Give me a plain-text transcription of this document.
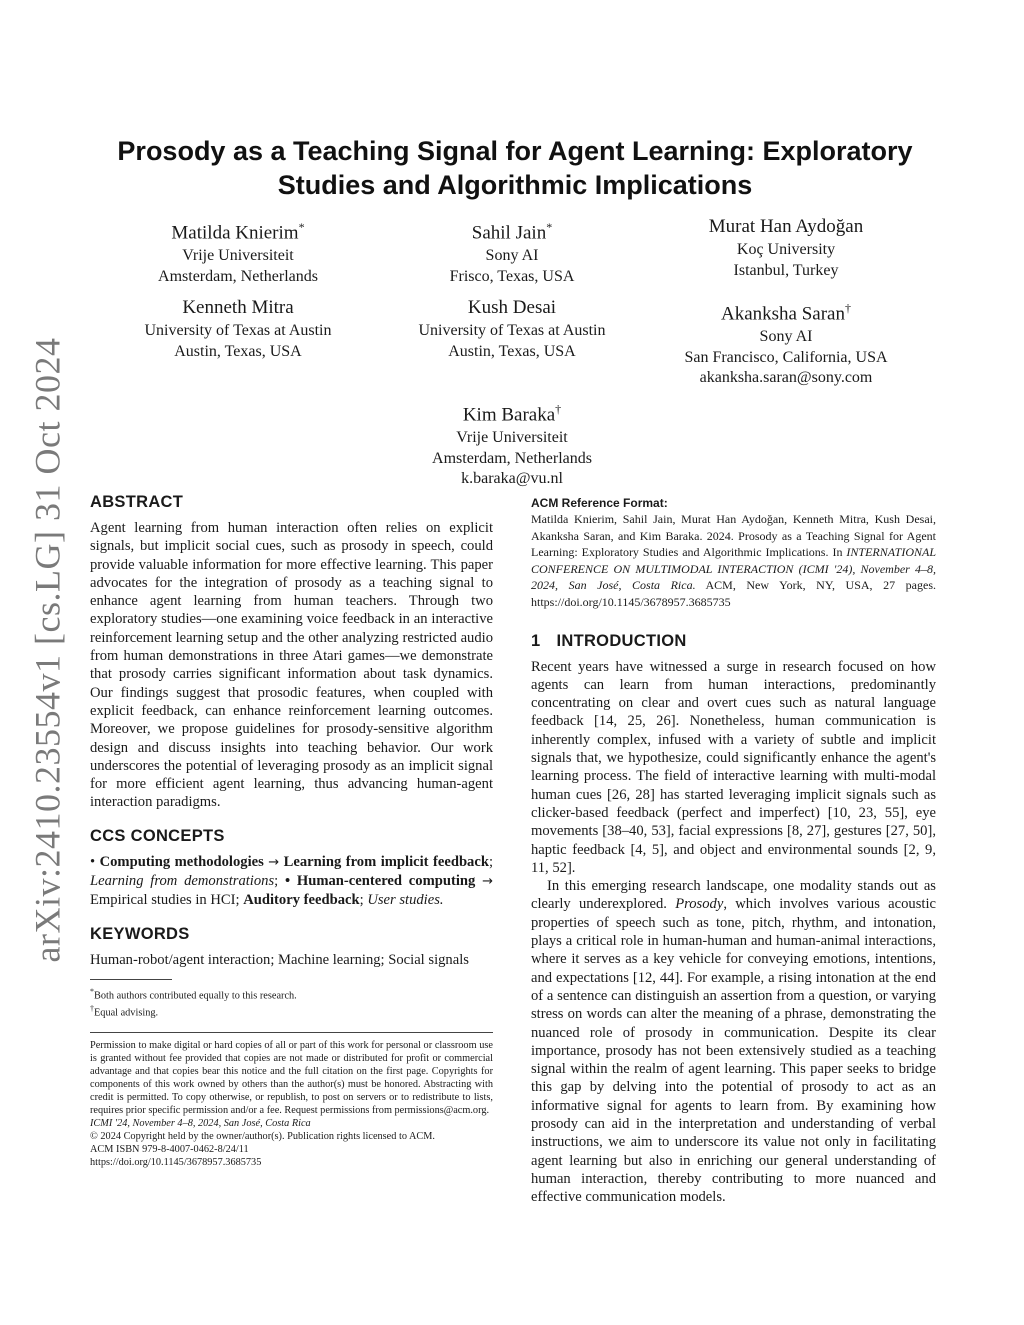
arXiv:2410.23554v1 [cs.LG] 31 Oct 2024
Prosody as a Teaching Signal for Agent Learning: Exploratory Studies and Algorithmic Implications
Matilda Knierim*
Vrije Universiteit
Amsterdam, Netherlands
Sahil Jain*
Sony AI
Frisco, Texas, USA
Murat Han Aydoğan
Koç University
Istanbul, Turkey
Kenneth Mitra
University of Texas at Austin
Austin, Texas, USA
Kush Desai
University of Texas at Austin
Austin, Texas, USA
Akanksha Saran†
Sony AI
San Francisco, California, USA
akanksha.saran@sony.com
Kim Baraka†
Vrije Universiteit
Amsterdam, Netherlands
k.baraka@vu.nl
ABSTRACT

Agent learning from human interaction often relies on explicit signals, but implicit social cues, such as prosody in speech, could provide valuable information for more effective learning. This paper advocates for the integration of prosody as a teaching signal to enhance agent learning from human teachers. Through two exploratory studies—one examining voice feedback in an interactive reinforcement learning setup and the other analyzing restricted audio from human demonstrations in three Atari games—we demonstrate that prosody carries significant information about task dynamics. Our findings suggest that prosodic features, when coupled with explicit feedback, can enhance reinforcement learning outcomes. Moreover, we propose guidelines for prosody-sensitive algorithm design and discuss insights into teaching behavior. Our work underscores the potential of leveraging prosody as an implicit signal for more efficient agent learning, thus advancing human-agent interaction paradigms.

CCS CONCEPTS

• Computing methodologies → Learning from implicit feedback; Learning from demonstrations; • Human-centered computing → Empirical studies in HCI; Auditory feedback; User studies.

KEYWORDS

Human-robot/agent interaction; Machine learning; Social signals

*Both authors contributed equally to this research.
†Equal advising.
Permission to make digital or hard copies of all or part of this work for personal or classroom use is granted without fee provided that copies are not made or distributed for profit or commercial advantage and that copies bear this notice and the full citation on the first page. Copyrights for components of this work owned by others than the author(s) must be honored. Abstracting with credit is permitted. To copy otherwise, or republish, to post on servers or to redistribute to lists, requires prior specific permission and/or a fee. Request permissions from permissions@acm.org.
ICMI '24, November 4–8, 2024, San José, Costa Rica
© 2024 Copyright held by the owner/author(s). Publication rights licensed to ACM.
ACM ISBN 979-8-4007-0462-8/24/11
https://doi.org/10.1145/3678957.3685735
ACM Reference Format:

Matilda Knierim, Sahil Jain, Murat Han Aydoğan, Kenneth Mitra, Kush Desai, Akanksha Saran, and Kim Baraka. 2024. Prosody as a Teaching Signal for Agent Learning: Exploratory Studies and Algorithmic Implications. In INTERNATIONAL CONFERENCE ON MULTIMODAL INTERACTION (ICMI '24), November 4–8, 2024, San José, Costa Rica. ACM, New York, NY, USA, 27 pages. https://doi.org/10.1145/3678957.3685735

1 INTRODUCTION

Recent years have witnessed a surge in research focused on how agents can learn from human interactions, predominantly concentrating on clear and overt cues such as natural language feedback [14, 25, 26]. Nonetheless, human communication is inherently complex, infused with a variety of subtle and implicit signals that, we hypothesize, could significantly enhance the agent's learning process. The field of interactive learning with multi-modal human cues [26, 28] has started leveraging implicit signals such as clicker-based feedback (perfect and imperfect) [10, 23, 55], eye movements [38–40, 53], facial expressions [8, 27], gestures [27, 50], haptic feedback [4, 5], and object and environmental sounds [2, 9, 11, 52].

In this emerging research landscape, one modality stands out as clearly underexplored. Prosody, which involves various acoustic properties of speech such as tone, pitch, rhythm, and intonation, plays a critical role in human-human and human-animal interactions, where it serves as a key vehicle for conveying emotions, intentions, and expectations [12, 44]. For example, a rising intonation at the end of a sentence can distinguish an assertion from a question, or varying stress on words can alter the meaning of a phrase, demonstrating the nuanced role of prosody in communication. Despite its clear importance, prosody has not been extensively studied as a teaching signal within the realm of agent learning. This paper seeks to bridge this gap by delving into the potential of prosody to act as an informative signal for agents to learn from. By examining how prosody can aid in the interpretation and understanding of verbal instructions, we aim to underscore its value not only in facilitating agent learning but also in enriching our general understanding of human interaction, thereby contributing to more nuanced and effective communication models.
